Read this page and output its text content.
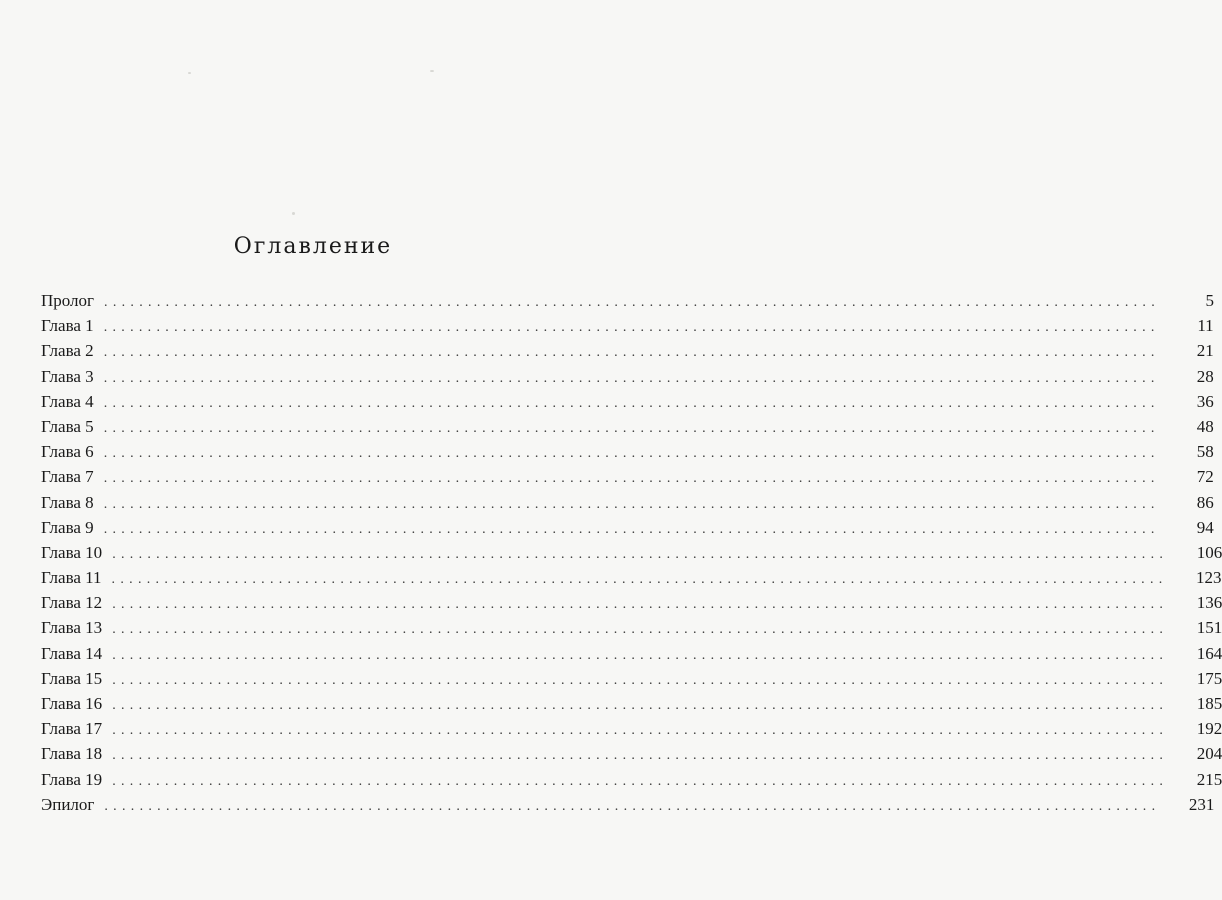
Оглавление
Пролог ........................................................................................................................	5
Глава 1 ........................................................................................................................	11
Глава 2 ........................................................................................................................	21
Глава 3 ........................................................................................................................	28
Глава 4 ........................................................................................................................	36
Глава 5 ........................................................................................................................	48
Глава 6 ........................................................................................................................	58
Глава 7 ........................................................................................................................	72
Глава 8 ........................................................................................................................	86
Глава 9 ........................................................................................................................	94
Глава 10 ........................................................................................................................	106
Глава 11 ........................................................................................................................	123
Глава 12 ........................................................................................................................	136
Глава 13 ........................................................................................................................	151
Глава 14 ........................................................................................................................	164
Глава 15 ........................................................................................................................	175
Глава 16 ........................................................................................................................	185
Глава 17 ........................................................................................................................	192
Глава 18 ........................................................................................................................	204
Глава 19 ........................................................................................................................	215
Эпилог ........................................................................................................................	231
